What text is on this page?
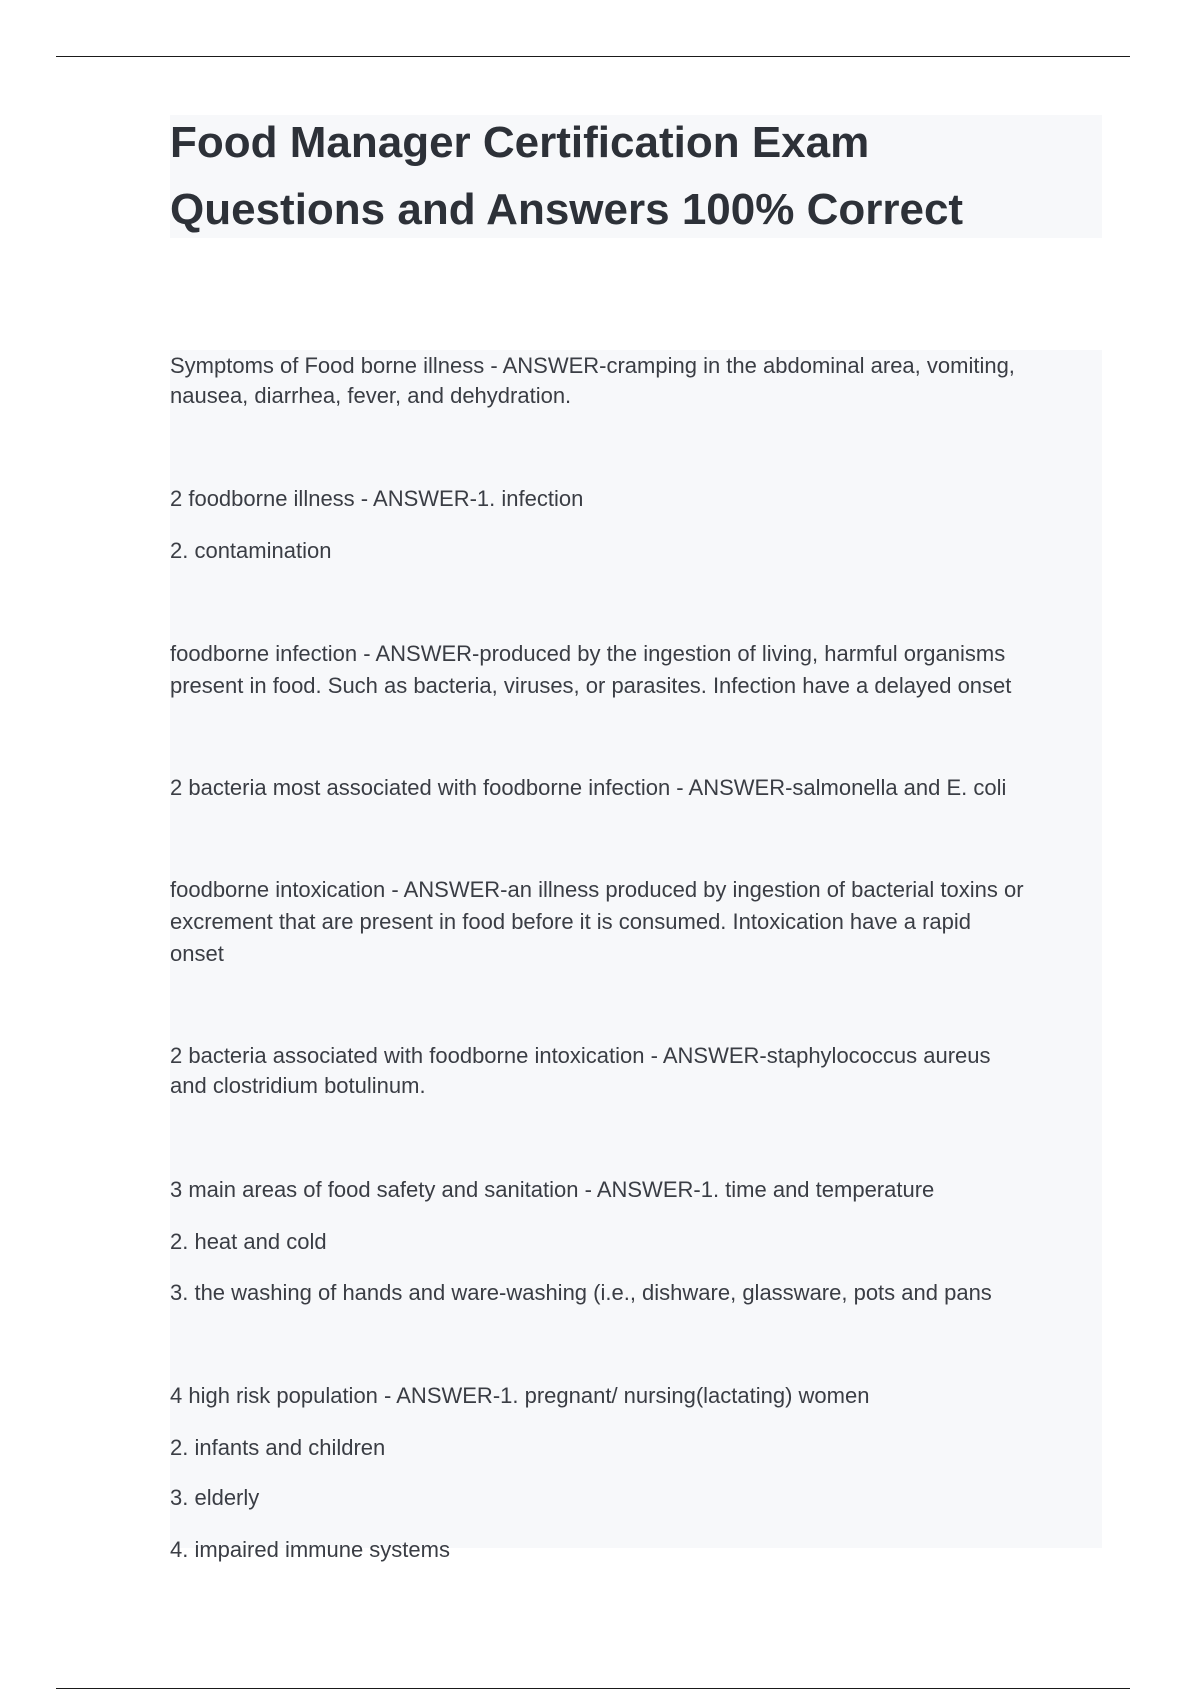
Food Manager Certification Exam
Questions and Answers 100% Correct
Symptoms of Food borne illness - ANSWER-cramping in the abdominal area, vomiting,
nausea, diarrhea, fever, and dehydration.
2 foodborne illness - ANSWER-1. infection
2. contamination
foodborne infection - ANSWER-produced by the ingestion of living, harmful organisms
present in food. Such as bacteria, viruses, or parasites. Infection have a delayed onset
2 bacteria most associated with foodborne infection - ANSWER-salmonella and E. coli
foodborne intoxication - ANSWER-an illness produced by ingestion of bacterial toxins or
excrement that are present in food before it is consumed. Intoxication have a rapid
onset
2 bacteria associated with foodborne intoxication - ANSWER-staphylococcus aureus
and clostridium botulinum.
3 main areas of food safety and sanitation - ANSWER-1. time and temperature
2. heat and cold
3. the washing of hands and ware-washing (i.e., dishware, glassware, pots and pans
4 high risk population - ANSWER-1. pregnant/ nursing(lactating) women
2. infants and children
3. elderly
4. impaired immune systems
